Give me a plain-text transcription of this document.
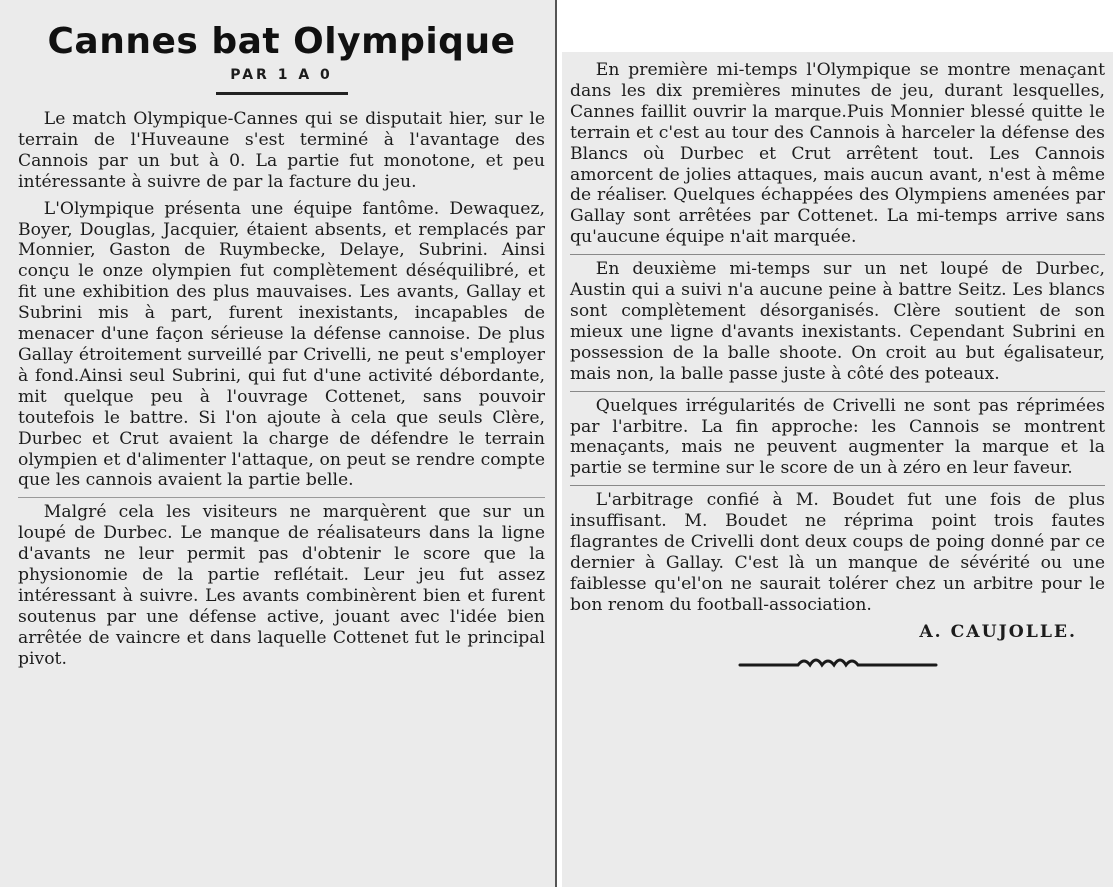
Cannes bat Olympique
PAR 1 A 0

Le match Olympique-Cannes qui se disputait hier, sur le terrain de l'Huveaune s'est terminé à l'avantage des Cannois par un but à 0. La partie fut monotone, et peu intéressante à suivre de par la facture du jeu.

L'Olympique présenta une équipe fantôme. Dewaquez, Boyer, Douglas, Jacquier, étaient absents, et remplacés par Monnier, Gaston de Ruymbecke, Delaye, Subrini. Ainsi conçu le onze olympien fut complètement déséquilibré, et fit une exhibition des plus mauvaises. Les avants, Gallay et Subrini mis à part, furent inexistants, incapables de menacer d'une façon sérieuse la défense cannoise. De plus Gallay étroitement surveillé par Crivelli, ne peut s'employer à fond.Ainsi seul Subrini, qui fut d'une activité débordante, mit quelque peu à l'ouvrage Cottenet, sans pouvoir toutefois le battre. Si l'on ajoute à cela que seuls Clère, Durbec et Crut avaient la charge de défendre le terrain olympien et d'alimenter l'attaque, on peut se rendre compte que les cannois avaient la partie belle.

Malgré cela les visiteurs ne marquèrent que sur un loupé de Durbec. Le manque de réalisateurs dans la ligne d'avants ne leur permit pas d'obtenir le score que la physionomie de la partie reflétait. Leur jeu fut assez intéressant à suivre. Les avants combinèrent bien et furent soutenus par une défense active, jouant avec l'idée bien arrêtée de vaincre et dans laquelle Cottenet fut le principal pivot.

En première mi-temps l'Olympique se montre menaçant dans les dix premières minutes de jeu, durant lesquelles, Cannes faillit ouvrir la marque.Puis Monnier blessé quitte le terrain et c'est au tour des Cannois à harceler la défense des Blancs où Durbec et Crut arrêtent tout. Les Cannois amorcent de jolies attaques, mais aucun avant, n'est à même de réaliser. Quelques échappées des Olympiens amenées par Gallay sont arrêtées par Cottenet. La mi-temps arrive sans qu'aucune équipe n'ait marquée.

En deuxième mi-temps sur un net loupé de Durbec, Austin qui a suivi n'a aucune peine à battre Seitz. Les blancs sont complètement désorganisés. Clère soutient de son mieux une ligne d'avants inexistants. Cependant Subrini en possession de la balle shoote. On croit au but égalisateur, mais non, la balle passe juste à côté des poteaux.

Quelques irrégularités de Crivelli ne sont pas réprimées par l'arbitre. La fin approche: les Cannois se montrent menaçants, mais ne peuvent augmenter la marque et la partie se termine sur le score de un à zéro en leur faveur.

L'arbitrage confié à M. Boudet fut une fois de plus insuffisant. M. Boudet ne réprima point trois fautes flagrantes de Crivelli dont deux coups de poing donné par ce dernier à Gallay. C'est là un manque de sévérité ou une faiblesse qu'el'on ne saurait tolérer chez un arbitre pour le bon renom du football-association.

A. CAUJOLLE.
